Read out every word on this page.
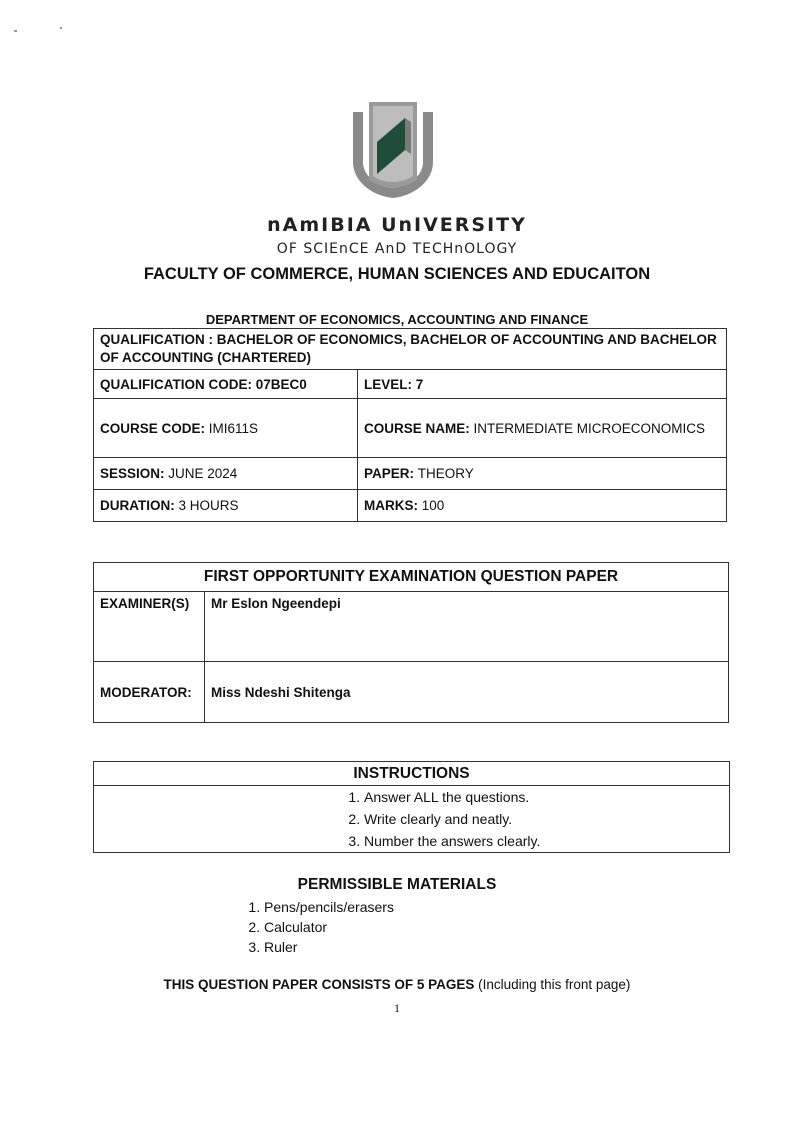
nAmIBIA UnIVERSITY
OF SCIEnCE AnD TECHnOLOGY
FACULTY OF COMMERCE, HUMAN SCIENCES AND EDUCAITON
DEPARTMENT OF ECONOMICS, ACCOUNTING AND FINANCE
QUALIFICATION : BACHELOR OF ECONOMICS, BACHELOR OF ACCOUNTING AND BACHELOR OF ACCOUNTING (CHARTERED)	
QUALIFICATION CODE: 07BEC0	LEVEL: 7
COURSE CODE: IMI611S	COURSE NAME: INTERMEDIATE MICROECONOMICS
SESSION: JUNE 2024	PAPER: THEORY
DURATION: 3 HOURS	MARKS: 100
FIRST OPPORTUNITY EXAMINATION QUESTION PAPER	
EXAMINER(S)	Mr Eslon Ngeendepi
MODERATOR:	Miss Ndeshi Shitenga
INSTRUCTIONS
1. Answer ALL the questions.
2. Write clearly and neatly.
3. Number the answers clearly.
PERMISSIBLE MATERIALS
1. Pens/pencils/erasers
2. Calculator
3. Ruler
THIS QUESTION PAPER CONSISTS OF 5 PAGES (Including this front page)
1
